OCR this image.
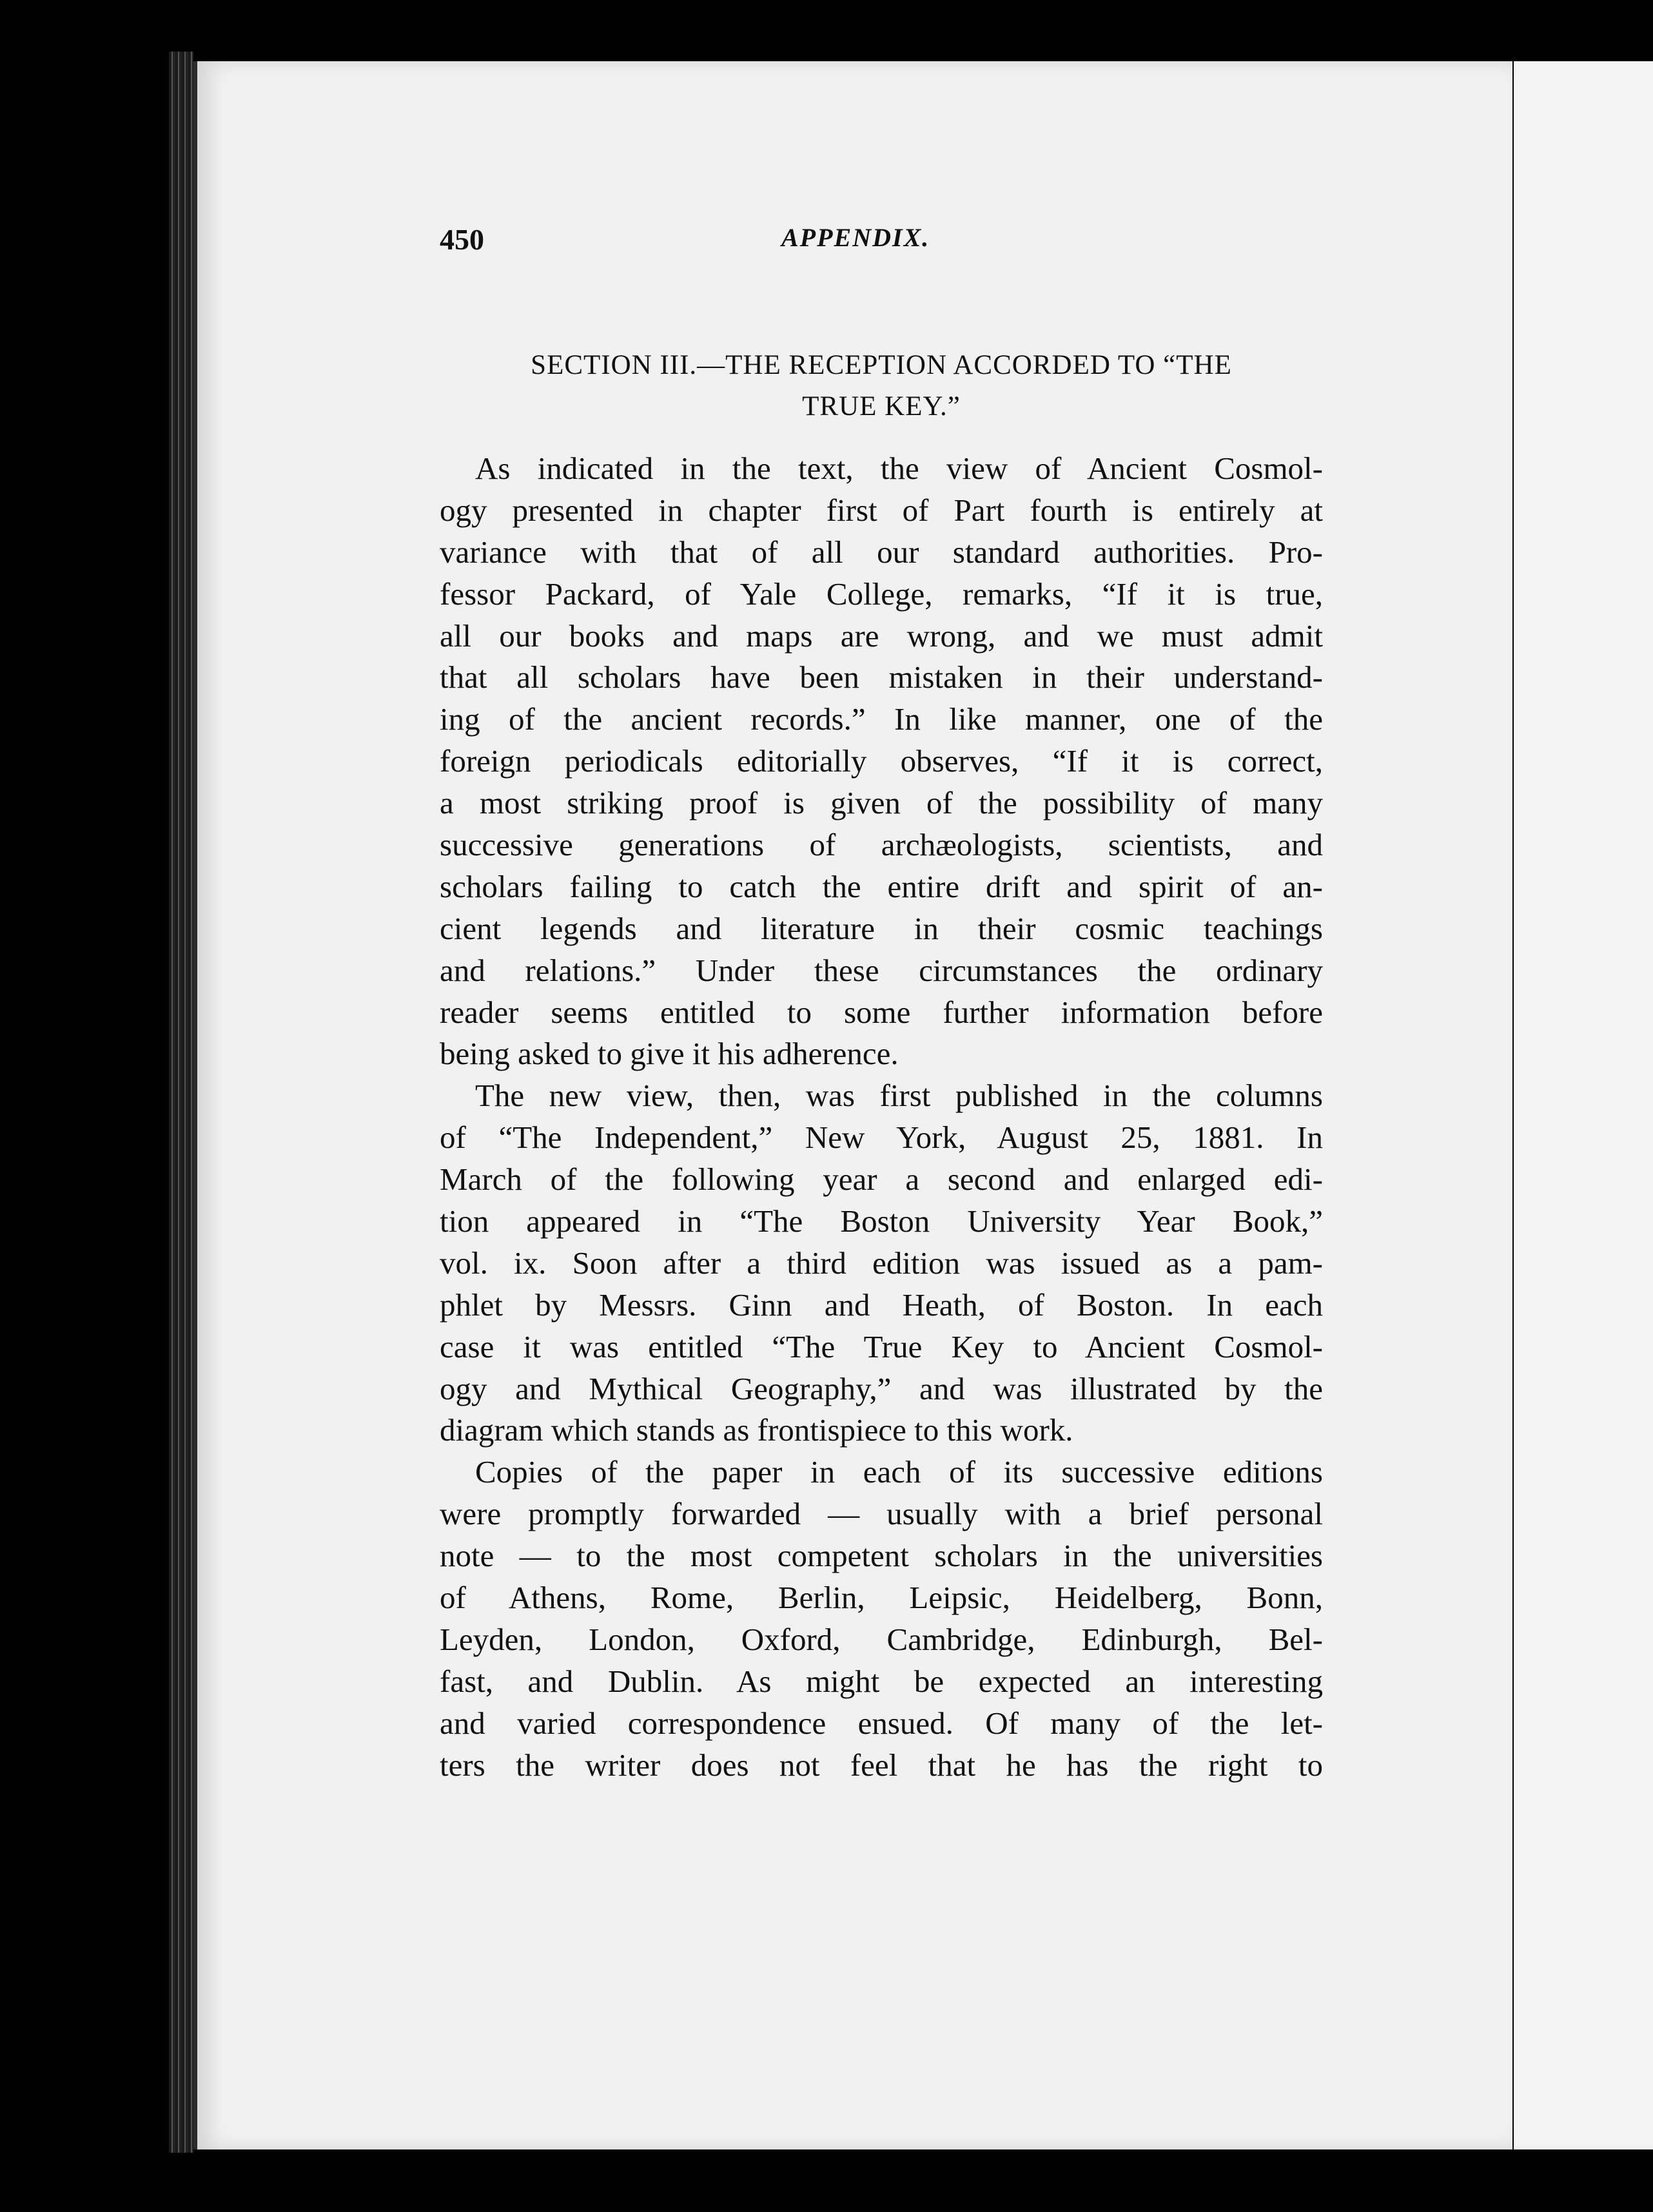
450	APPENDIX.
SECTION III.—THE RECEPTION ACCORDED TO “THE
TRUE KEY.”
As indicated in the text, the view of Ancient Cosmol-
ogy presented in chapter first of Part fourth is entirely at
variance with that of all our standard authorities. Pro-
fessor Packard, of Yale College, remarks, “If it is true,
all our books and maps are wrong, and we must admit
that all scholars have been mistaken in their understand-
ing of the ancient records.” In like manner, one of the
foreign periodicals editorially observes, “If it is correct,
a most striking proof is given of the possibility of many
successive generations of archæologists, scientists, and
scholars failing to catch the entire drift and spirit of an-
cient legends and literature in their cosmic teachings
and relations.” Under these circumstances the ordinary
reader seems entitled to some further information before
being asked to give it his adherence.
The new view, then, was first published in the columns
of “The Independent,” New York, August 25, 1881. In
March of the following year a second and enlarged edi-
tion appeared in “The Boston University Year Book,”
vol. ix. Soon after a third edition was issued as a pam-
phlet by Messrs. Ginn and Heath, of Boston. In each
case it was entitled “The True Key to Ancient Cosmol-
ogy and Mythical Geography,” and was illustrated by the
diagram which stands as frontispiece to this work.
Copies of the paper in each of its successive editions
were promptly forwarded — usually with a brief personal
note — to the most competent scholars in the universities
of Athens, Rome, Berlin, Leipsic, Heidelberg, Bonn,
Leyden, London, Oxford, Cambridge, Edinburgh, Bel-
fast, and Dublin. As might be expected an interesting
and varied correspondence ensued. Of many of the let-
ters the writer does not feel that he has the right to
